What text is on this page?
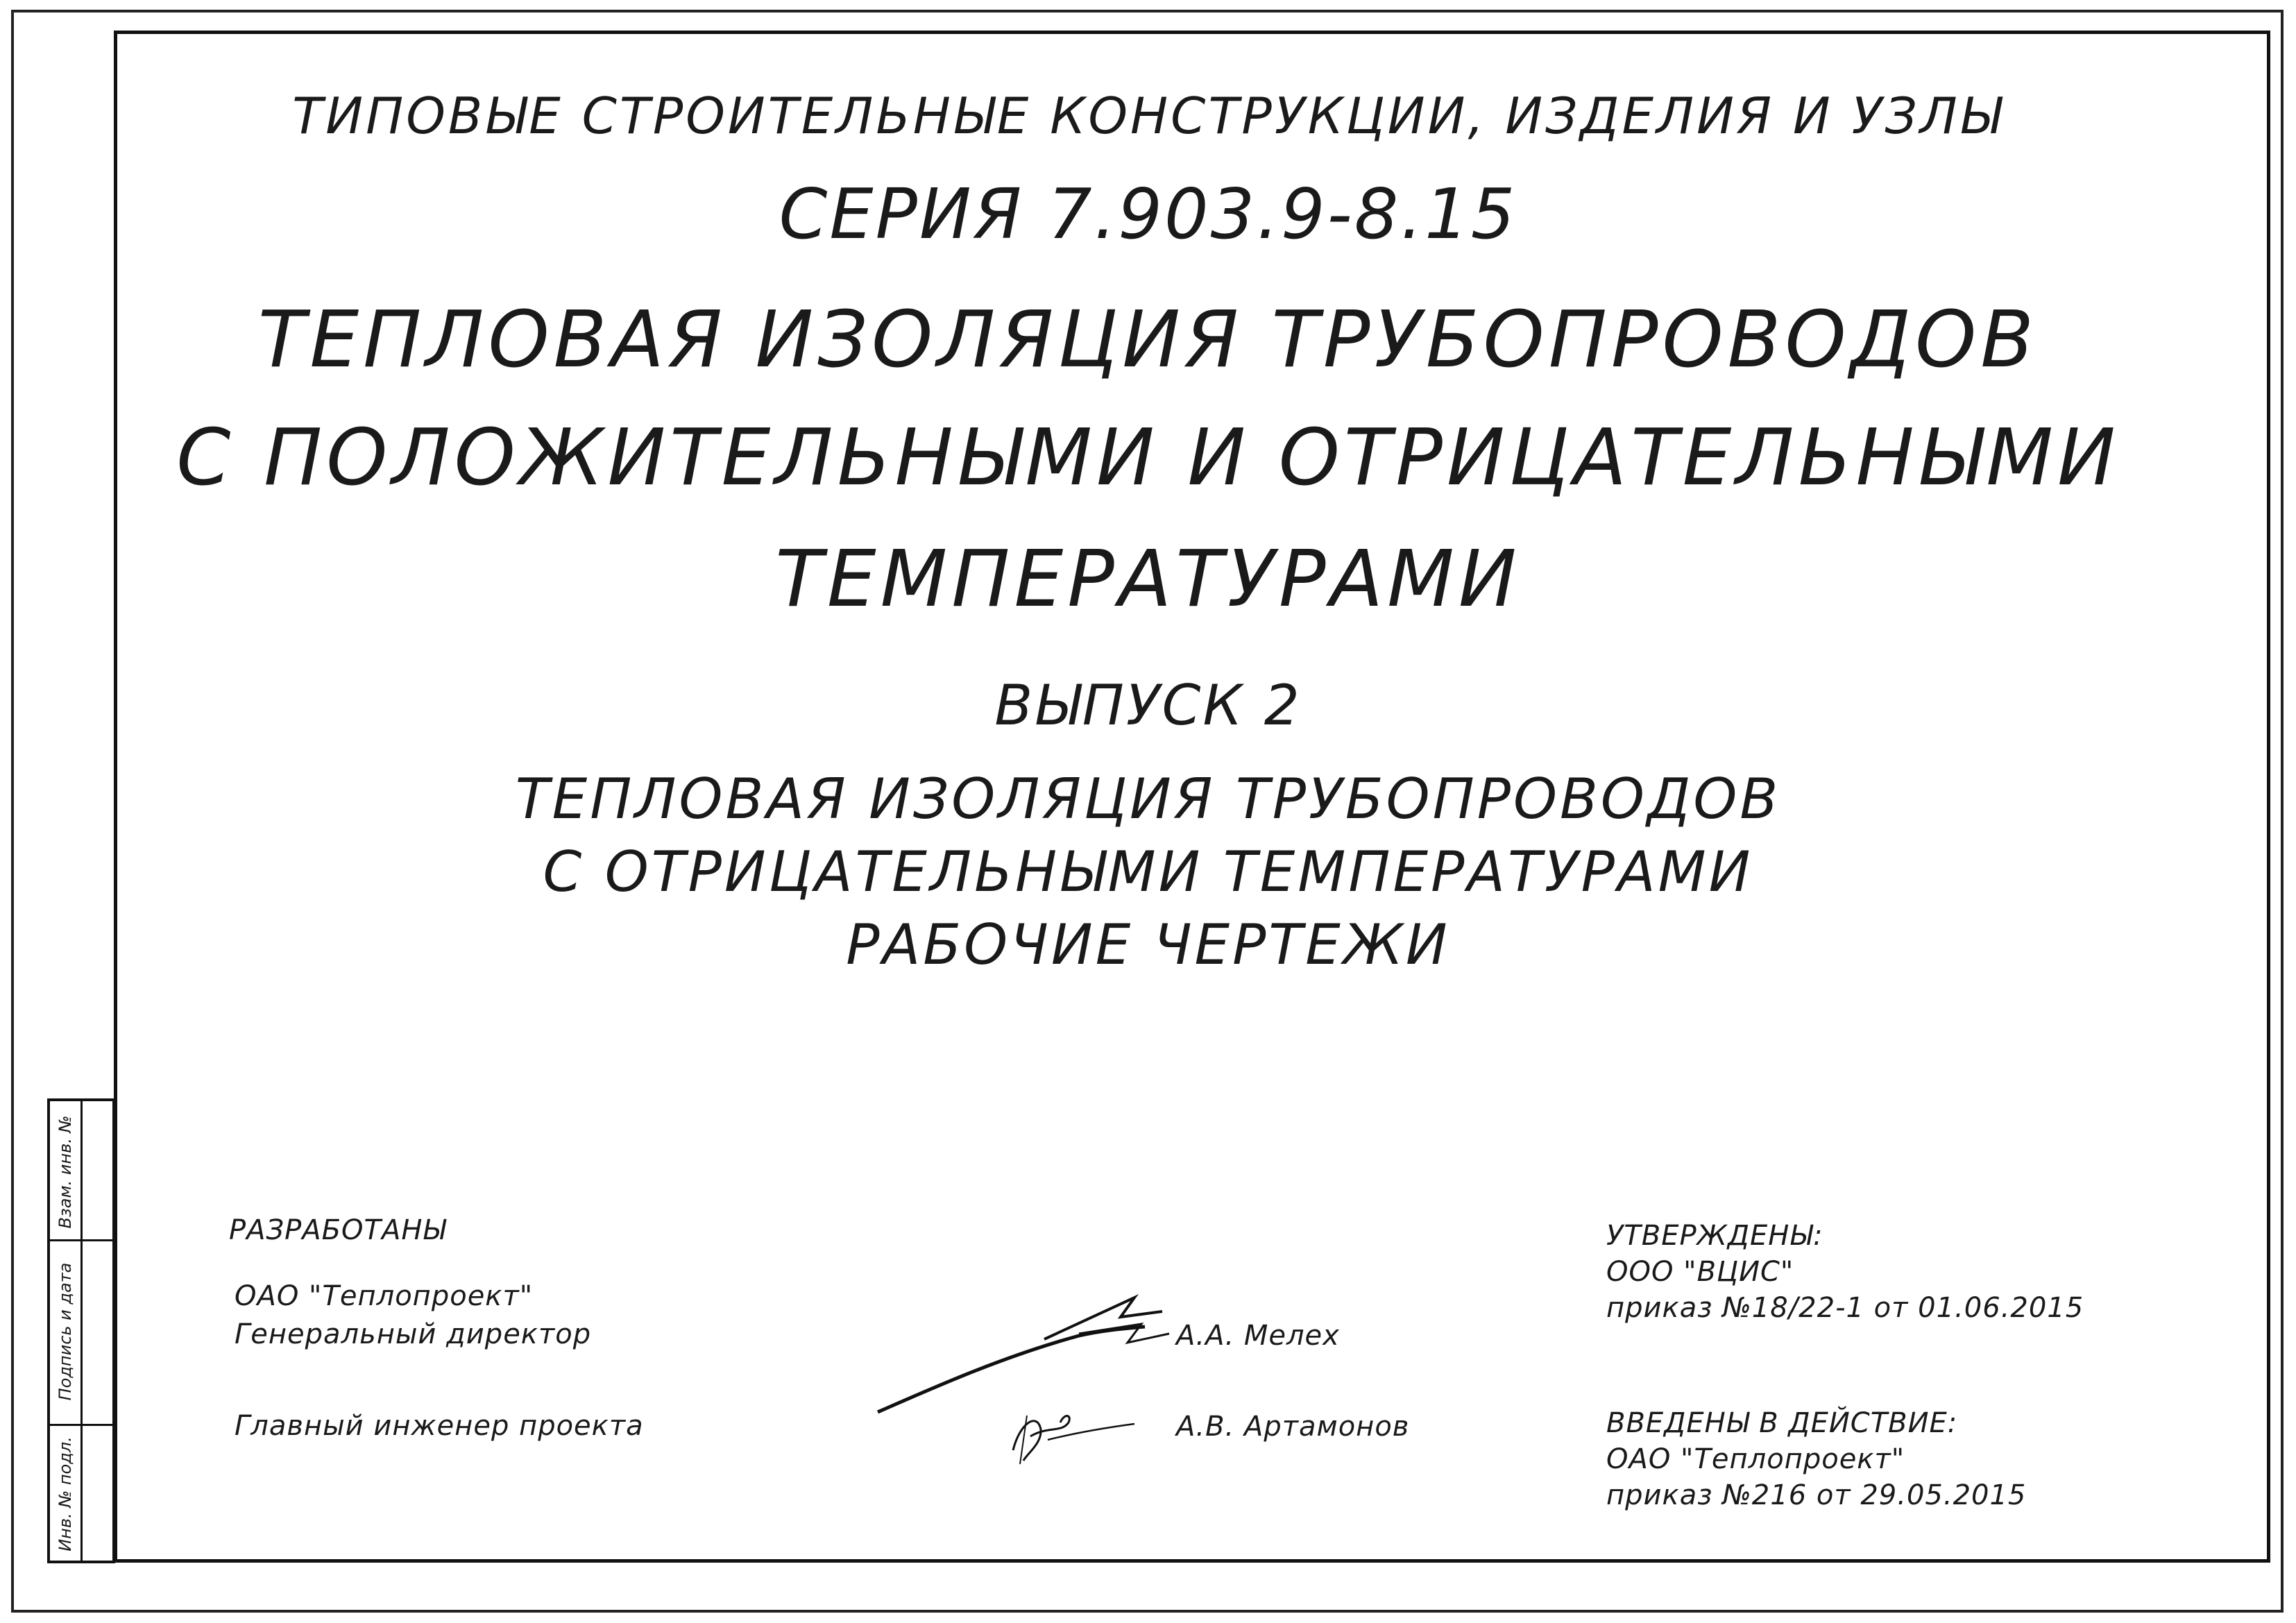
ТИПОВЫЕ СТРОИТЕЛЬНЫЕ КОНСТРУКЦИИ, ИЗДЕЛИЯ И УЗЛЫ
СЕРИЯ 7.903.9-8.15
ТЕПЛОВАЯ ИЗОЛЯЦИЯ ТРУБОПРОВОДОВ
С ПОЛОЖИТЕЛЬНЫМИ И ОТРИЦАТЕЛЬНЫМИ
ТЕМПЕРАТУРАМИ
ВЫПУСК 2
ТЕПЛОВАЯ ИЗОЛЯЦИЯ ТРУБОПРОВОДОВ
С ОТРИЦАТЕЛЬНЫМИ ТЕМПЕРАТУРАМИ
РАБОЧИЕ ЧЕРТЕЖИ
РАЗРАБОТАНЫ
ОАО "Теплопроект"
Генеральный директор
Главный инженер проекта
А.А. Мелех
А.В. Артамонов
УТВЕРЖДЕНЫ:
ООО "ВЦИС"
приказ №18/22-1 от 01.06.2015
ВВЕДЕНЫ В ДЕЙСТВИЕ:
ОАО "Теплопроект"
приказ №216 от 29.05.2015
Взам. инв. №
Подпись и дата
Инв. № подл.
